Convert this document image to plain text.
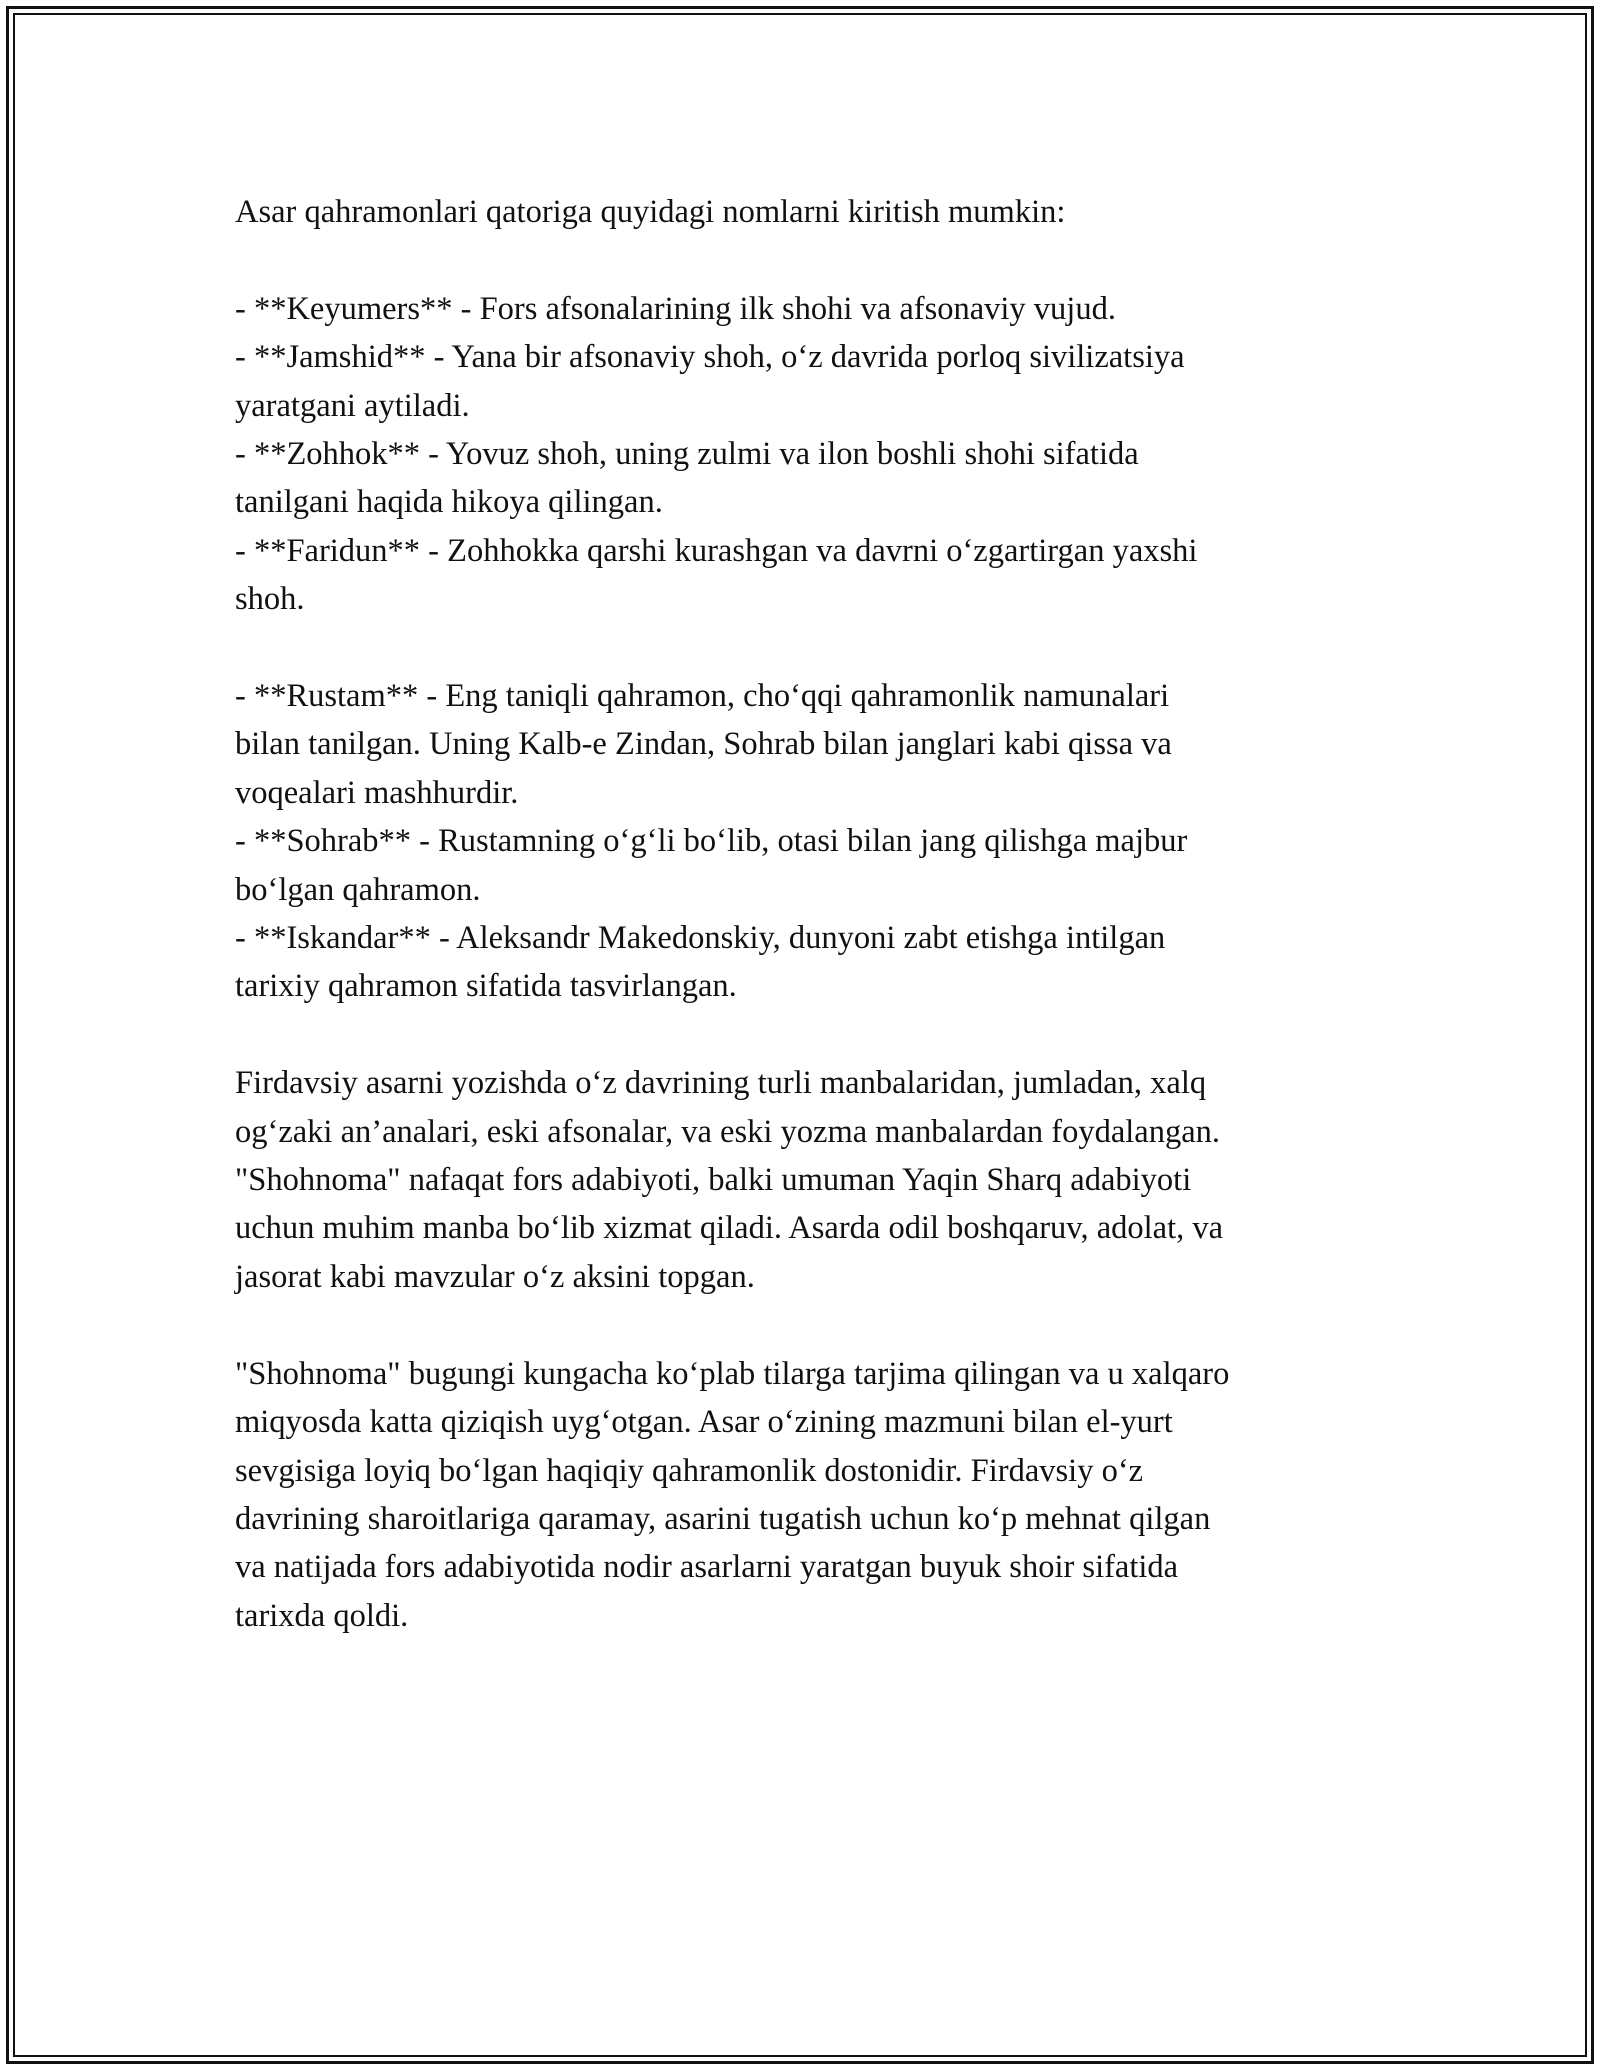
Asar qahramonlari qatoriga quyidagi nomlarni kiritish mumkin:

- **Keyumers** - Fors afsonalarining ilk shohi va afsonaviy vujud.
- **Jamshid** - Yana bir afsonaviy shoh, o‘z davrida porloq sivilizatsiya
yaratgani aytiladi.
- **Zohhok** - Yovuz shoh, uning zulmi va ilon boshli shohi sifatida
tanilgani haqida hikoya qilingan.
- **Faridun** - Zohhokka qarshi kurashgan va davrni o‘zgartirgan yaxshi
shoh.
- **Rustam** - Eng taniqli qahramon, cho‘qqi qahramonlik namunalari
bilan tanilgan. Uning Kalb-e Zindan, Sohrab bilan janglari kabi qissa va
voqealari mashhurdir.
- **Sohrab** - Rustamning o‘g‘li bo‘lib, otasi bilan jang qilishga majbur
bo‘lgan qahramon.
- **Iskandar** - Aleksandr Makedonskiy, dunyoni zabt etishga intilgan
tarixiy qahramon sifatida tasvirlangan.

Firdavsiy asarni yozishda o‘z davrining turli manbalaridan, jumladan, xalq
og‘zaki an’analari, eski afsonalar, va eski yozma manbalardan foydalangan.
"Shohnoma" nafaqat fors adabiyoti, balki umuman Yaqin Sharq adabiyoti
uchun muhim manba bo‘lib xizmat qiladi. Asarda odil boshqaruv, adolat, va
jasorat kabi mavzular o‘z aksini topgan.

"Shohnoma" bugungi kungacha ko‘plab tilarga tarjima qilingan va u xalqaro
miqyosda katta qiziqish uyg‘otgan. Asar o‘zining mazmuni bilan el-yurt
sevgisiga loyiq bo‘lgan haqiqiy qahramonlik dostonidir. Firdavsiy o‘z
davrining sharoitlariga qaramay, asarini tugatish uchun ko‘p mehnat qilgan
va natijada fors adabiyotida nodir asarlarni yaratgan buyuk shoir sifatida
tarixda qoldi.
